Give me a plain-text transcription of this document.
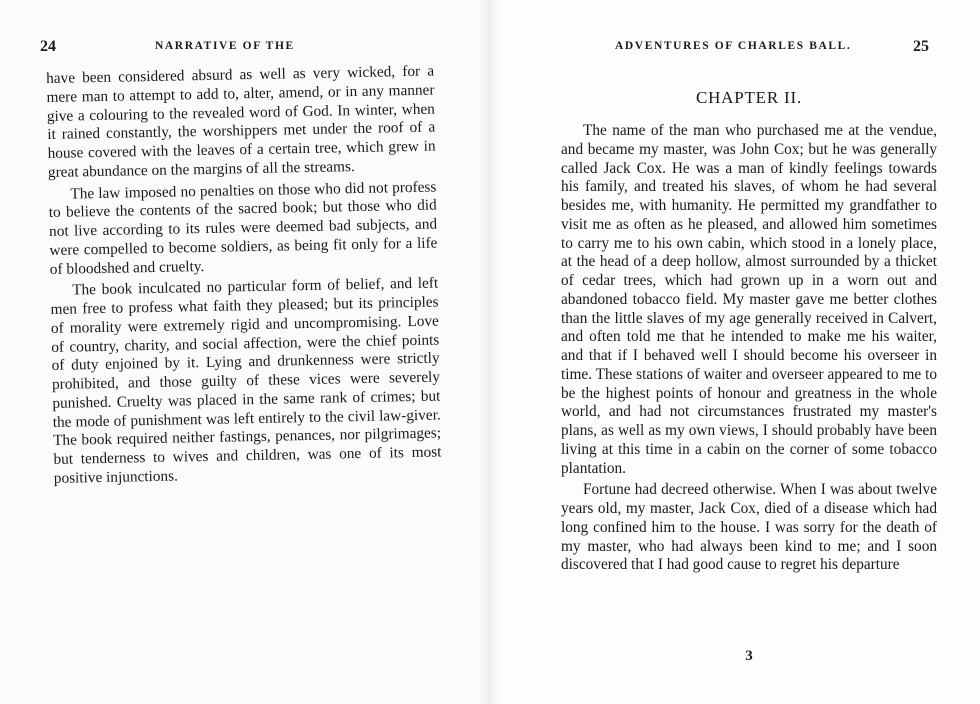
24	NARRATIVE OF THE

have been considered absurd as well as very wicked, for a mere man to attempt to add to, alter, amend, or in any manner give a colouring to the revealed word of God. In winter, when it rained constantly, the worshippers met under the roof of a house covered with the leaves of a certain tree, which grew in great abundance on the margins of all the streams.

The law imposed no penalties on those who did not profess to believe the contents of the sacred book; but those who did not live according to its rules were deemed bad subjects, and were compelled to become soldiers, as being fit only for a life of bloodshed and cruelty.

The book inculcated no particular form of belief, and left men free to profess what faith they pleased; but its principles of morality were extremely rigid and uncompromising. Love of country, charity, and social affection, were the chief points of duty enjoined by it. Lying and drunkenness were strictly prohibited, and those guilty of these vices were severely punished. Cruelty was placed in the same rank of crimes; but the mode of punishment was left entirely to the civil law-giver. The book required neither fastings, penances, nor pilgrimages; but tenderness to wives and children, was one of its most positive injunctions.

ADVENTURES OF CHARLES BALL.	25
CHAPTER II.

The name of the man who purchased me at the vendue, and became my master, was John Cox; but he was generally called Jack Cox. He was a man of kindly feelings towards his family, and treated his slaves, of whom he had several besides me, with humanity. He permitted my grandfather to visit me as often as he pleased, and allowed him sometimes to carry me to his own cabin, which stood in a lonely place, at the head of a deep hollow, almost surrounded by a thicket of cedar trees, which had grown up in a worn out and abandoned tobacco field. My master gave me better clothes than the little slaves of my age generally received in Calvert, and often told me that he intended to make me his waiter, and that if I behaved well I should become his overseer in time. These stations of waiter and overseer appeared to me to be the highest points of honour and greatness in the whole world, and had not circumstances frustrated my master's plans, as well as my own views, I should probably have been living at this time in a cabin on the corner of some tobacco plantation.

Fortune had decreed otherwise. When I was about twelve years old, my master, Jack Cox, died of a disease which had long confined him to the house. I was sorry for the death of my master, who had always been kind to me; and I soon discovered that I had good cause to regret his departure

3
